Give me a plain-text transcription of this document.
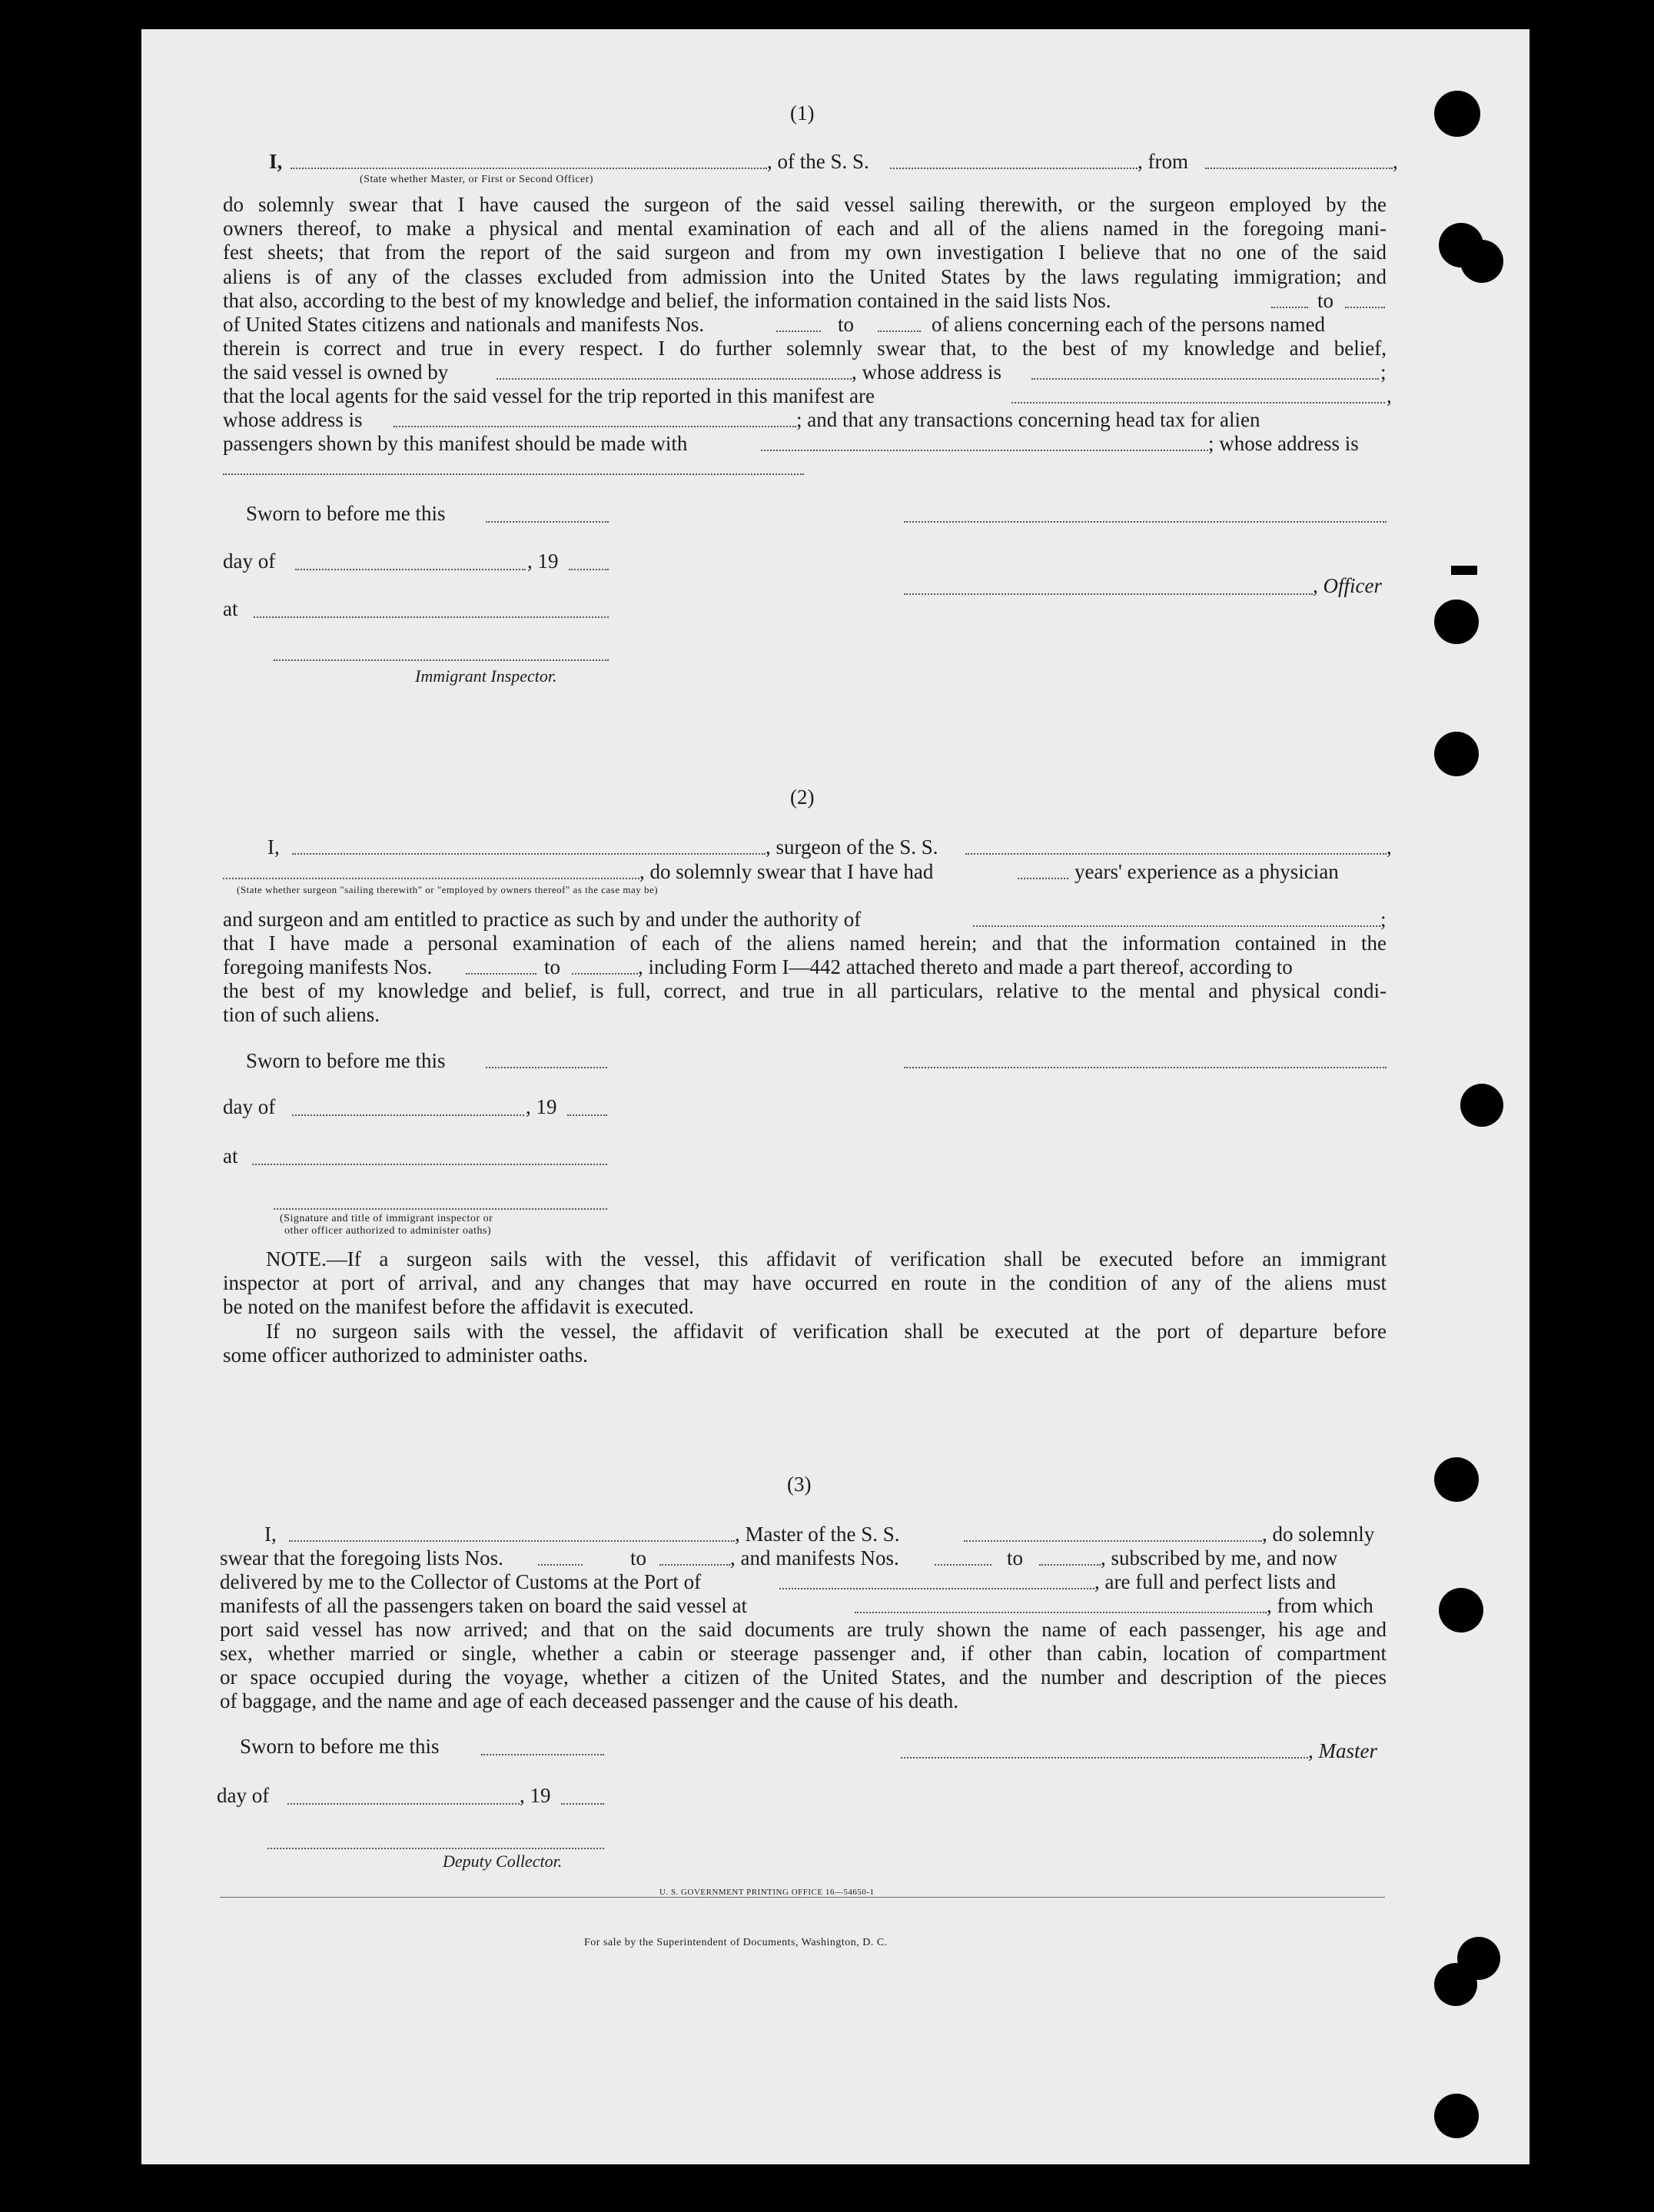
(1)
I,	, of the S. S.	, from	,
(State whether Master, or First or Second Officer)
do solemnly swear that I have caused the surgeon of the said vessel sailing therewith, or the surgeon employed by the
owners thereof, to make a physical and mental examination of each and all of the aliens named in the foregoing mani-
fest sheets; that from the report of the said surgeon and from my own investigation I believe that no one of the said
aliens is of any of the classes excluded from admission into the United States by the laws regulating immigration; and
that also, according to the best of my knowledge and belief, the information contained in the said lists Nos.	to
of United States citizens and nationals and manifests Nos.	to	of aliens concerning each of the persons named
therein is correct and true in every respect. I do further solemnly swear that, to the best of my knowledge and belief,
the said vessel is owned by	, whose address is	;
that the local agents for the said vessel for the trip reported in this manifest are	,
whose address is	; and that any transactions concerning head tax for alien
passengers shown by this manifest should be made with	; whose address is
Sworn to before me this
day of	, 19
, Officer
at
Immigrant Inspector.
(2)
I,	, surgeon of the S. S.	,
, do solemnly swear that I have had	years' experience as a physician
(State whether surgeon "sailing therewith" or "employed by owners thereof" as the case may be)
and surgeon and am entitled to practice as such by and under the authority of	;
that I have made a personal examination of each of the aliens named herein; and that the information contained in the
foregoing manifests Nos.	to	, including Form I—442 attached thereto and made a part thereof, according to
the best of my knowledge and belief, is full, correct, and true in all particulars, relative to the mental and physical condi-
tion of such aliens.
Sworn to before me this
day of	, 19
at
(Signature and title of immigrant inspector or
other officer authorized to administer oaths)
NOTE.—If a surgeon sails with the vessel, this affidavit of verification shall be executed before an immigrant
inspector at port of arrival, and any changes that may have occurred en route in the condition of any of the aliens must
be noted on the manifest before the affidavit is executed.
If no surgeon sails with the vessel, the affidavit of verification shall be executed at the port of departure before
some officer authorized to administer oaths.
(3)
I,	, Master of the S. S.	, do solemnly
swear that the foregoing lists Nos.	to	, and manifests Nos.	to	, subscribed by me, and now
delivered by me to the Collector of Customs at the Port of	, are full and perfect lists and
manifests of all the passengers taken on board the said vessel at	, from which
port said vessel has now arrived; and that on the said documents are truly shown the name of each passenger, his age and
sex, whether married or single, whether a cabin or steerage passenger and, if other than cabin, location of compartment
or space occupied during the voyage, whether a citizen of the United States, and the number and description of the pieces
of baggage, and the name and age of each deceased passenger and the cause of his death.
Sworn to before me this	, Master
day of	, 19
Deputy Collector.
U. S. GOVERNMENT PRINTING OFFICE 16—54650-1
For sale by the Superintendent of Documents, Washington, D. C.
